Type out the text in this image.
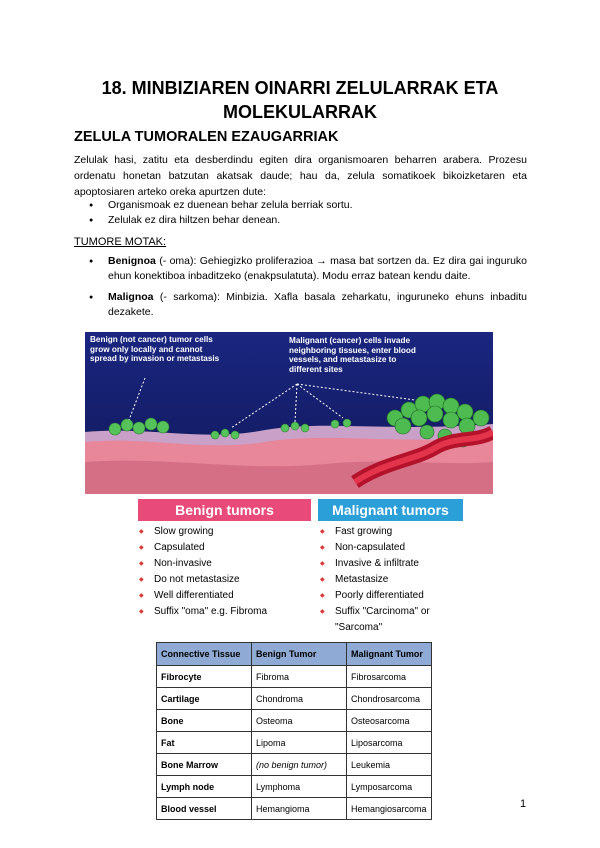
18. MINBIZIAREN OINARRI ZELULARRAK ETA MOLEKULARRAK
ZELULA TUMORALEN EZAUGARRIAK
Zelulak hasi, zatitu eta desberdindu egiten dira organismoaren beharren arabera. Prozesu ordenatu honetan batzutan akatsak daude; hau da, zelula somatikoek bikoizketaren eta apoptosiaren arteko oreka apurtzen dute:
● Organismoak ez duenean behar zelula berriak sortu.
● Zelulak ez dira hiltzen behar denean.
TUMORE MOTAK:
● Benignoa (- oma): Gehiegizko proliferazioa → masa bat sortzen da. Ez dira gai inguruko ehun konektiboa inbaditzeko (enakpsulatuta). Modu erraz batean kendu daite.
● Malignoa (- sarkoma): Minbizia. Xafla basala zeharkatu, inguruneko ehuns inbaditu dezakete.
Benign (not cancer) tumor cells grow only locally and cannot spread by invasion or metastasis
Malignant (cancer) cells invade neighboring tissues, enter blood vessels, and metastasize to different sites
Benign tumors	Malignant tumors
◆ Slow growing
◆ Capsulated
◆ Non-invasive
◆ Do not metastasize
◆ Well differentiated
◆ Suffix "oma" e.g. Fibroma
◆ Fast growing
◆ Non-capsulated
◆ Invasive & infiltrate
◆ Metastasize
◆ Poorly differentiated
◆ Suffix "Carcinoma" or "Sarcoma"
Connective Tissue	Benign Tumor	Malignant Tumor
Fibrocyte	Fibroma	Fibrosarcoma
Cartilage	Chondroma	Chondrosarcoma
Bone	Osteoma	Osteosarcoma
Fat	Lipoma	Liposarcoma
Bone Marrow	(no benign tumor)	Leukemia
Lymph node	Lymphoma	Lymposarcoma
Blood vessel	Hemangioma	Hemangiosarcoma	1
